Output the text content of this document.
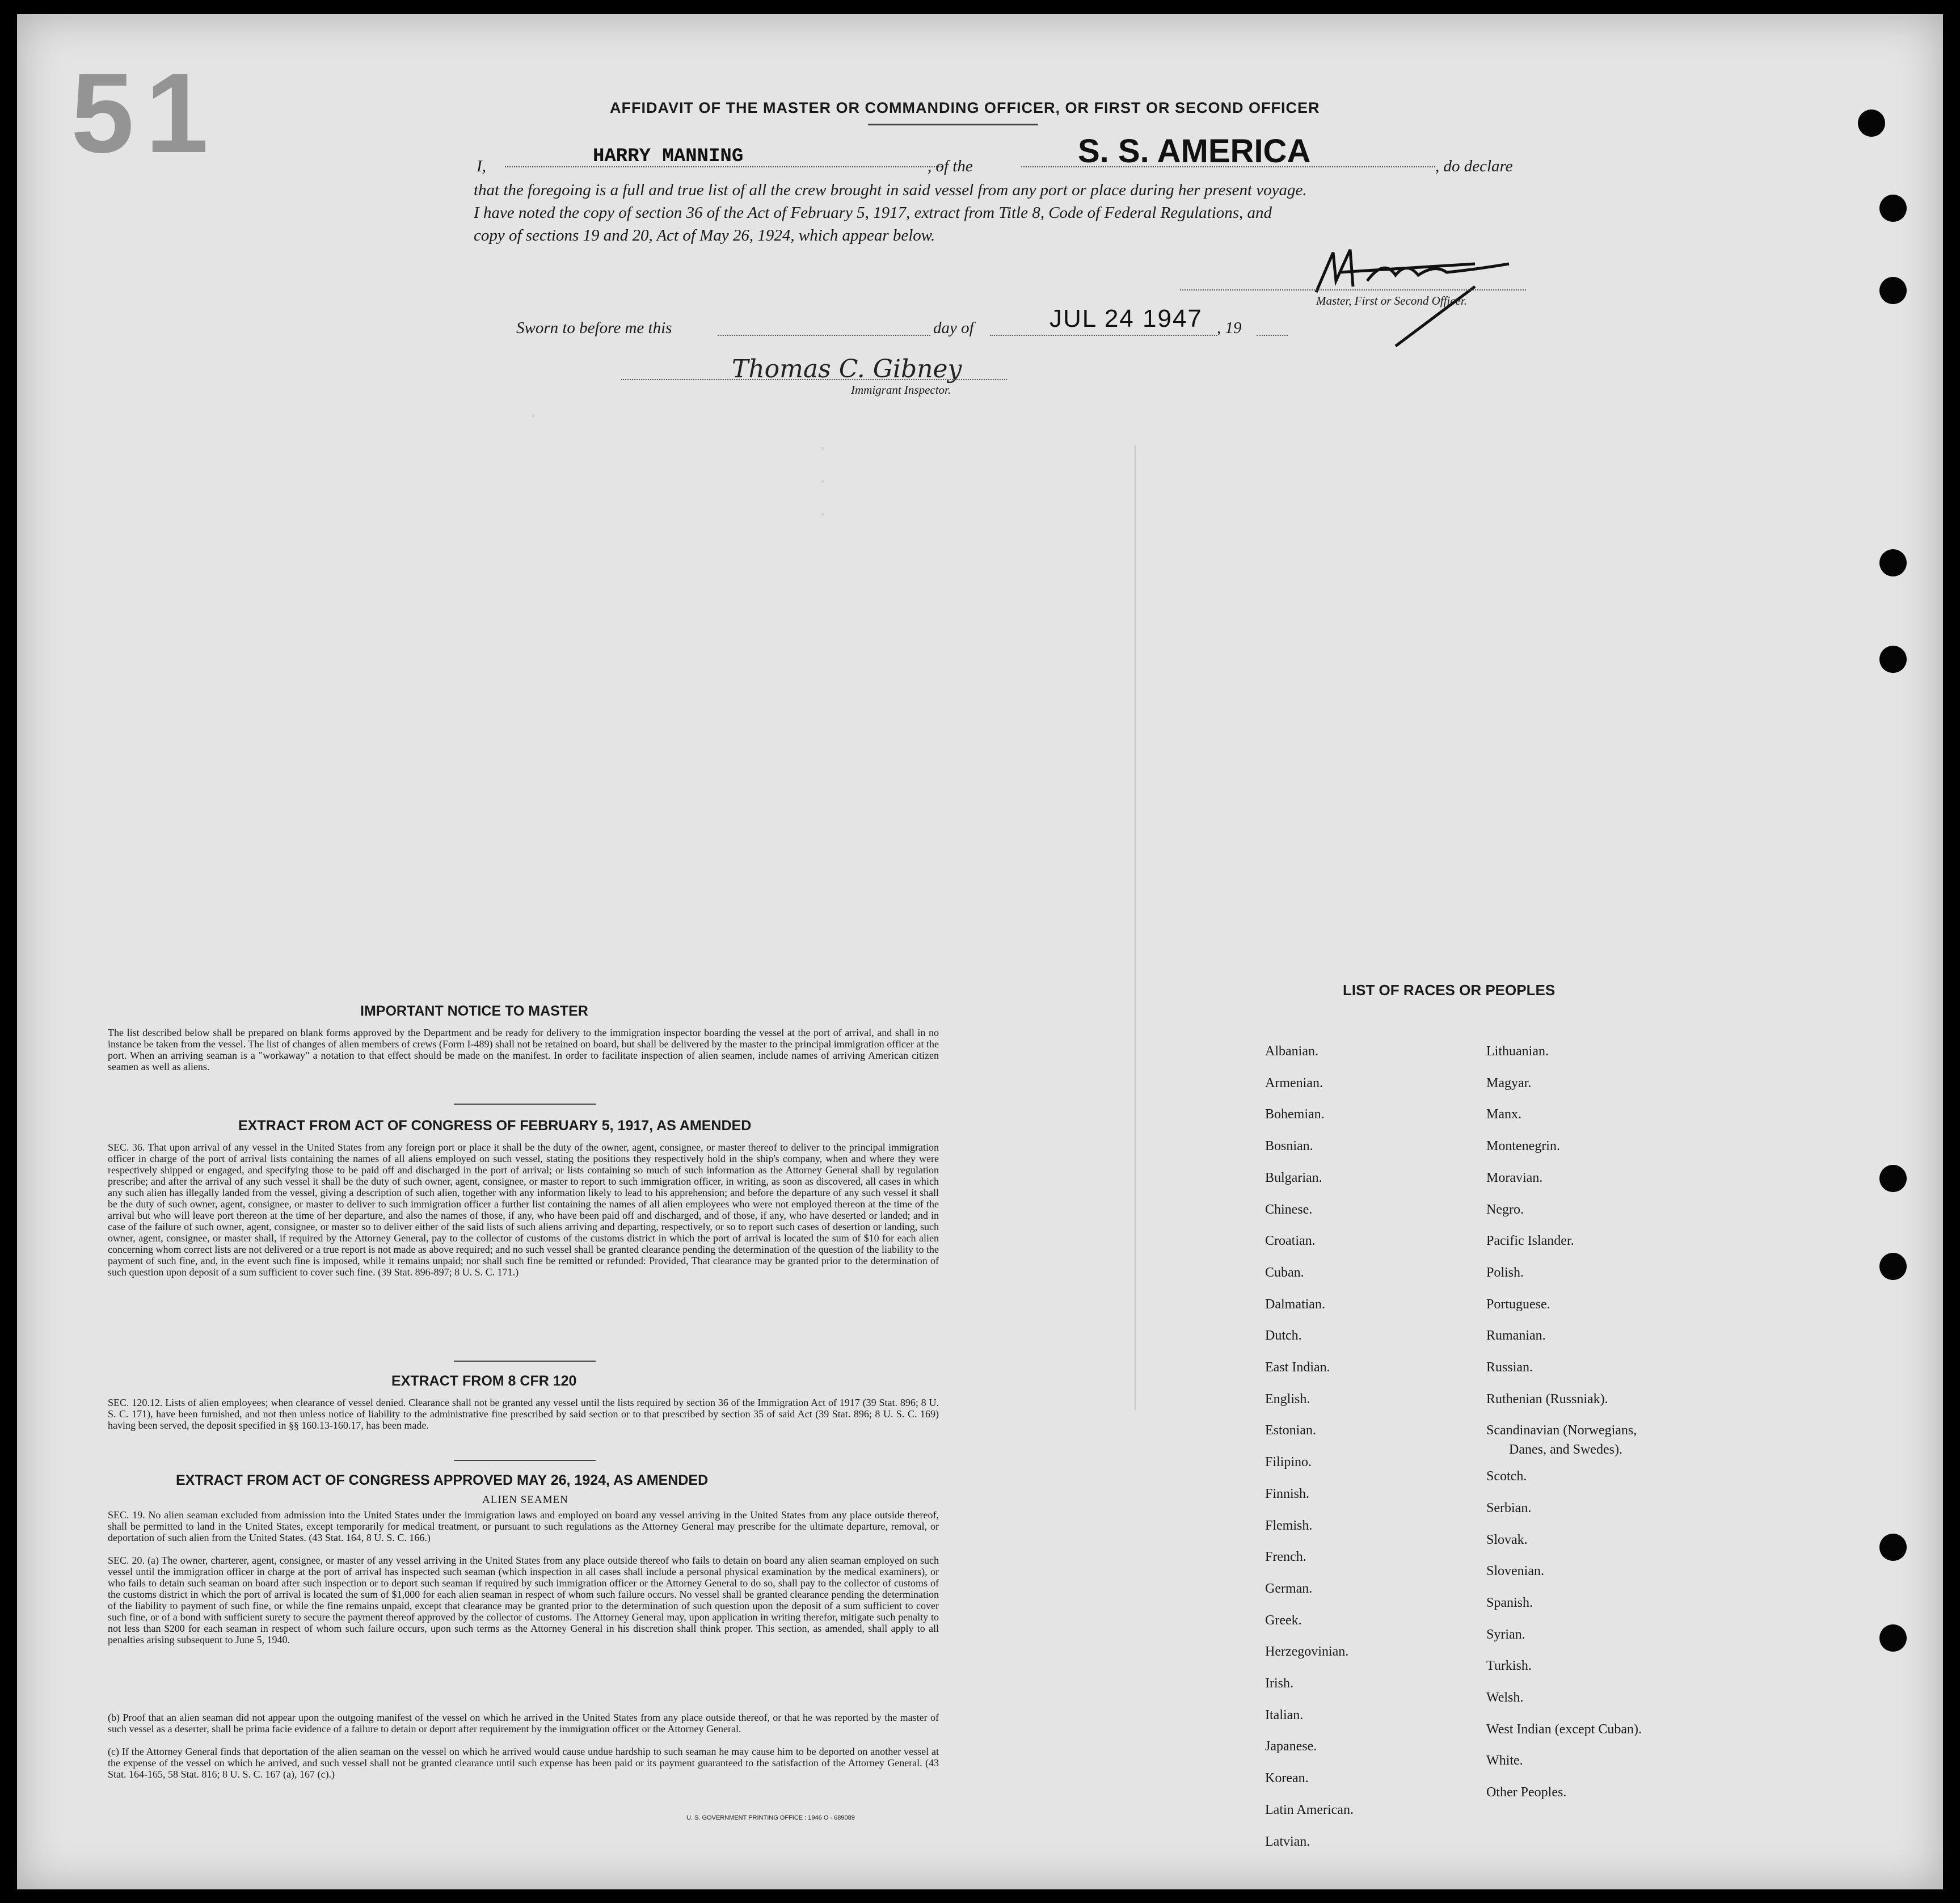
·
·
·
·
51	AFFIDAVIT OF THE MASTER OR COMMANDING OFFICER, OR FIRST OR SECOND OFFICER
I,	HARRY MANNING	, of the	S. S. AMERICA	, do declare
that the foregoing is a full and true list of all the crew brought in said vessel from any port or place during her present voyage.
I have noted the copy of section 36 of the Act of February 5, 1917, extract from Title 8, Code of Federal Regulations, and
copy of sections 19 and 20, Act of May 26, 1924, which appear below.
Master, First or Second Officer.
Sworn to before me this	day of	JUL 24 1947 , 19
Thomas C. Gibney
Immigrant Inspector.
IMPORTANT NOTICE TO MASTER
The list described below shall be prepared on blank forms approved by the Department and be ready for delivery to the immigration inspector boarding the vessel at the port of arrival, and shall in no instance be taken from the vessel. The list of changes of alien members of crews (Form I-489) shall not be retained on board, but shall be delivered by the master to the principal immigration officer at the port. When an arriving seaman is a "workaway" a notation to that effect should be made on the manifest. In order to facilitate inspection of alien seamen, include names of arriving American citizen seamen as well as aliens.
EXTRACT FROM ACT OF CONGRESS OF FEBRUARY 5, 1917, AS AMENDED
SEC. 36. That upon arrival of any vessel in the United States from any foreign port or place it shall be the duty of the owner, agent, consignee, or master thereof to deliver to the principal immigration officer in charge of the port of arrival lists containing the names of all aliens employed on such vessel, stating the positions they respectively hold in the ship's company, when and where they were respectively shipped or engaged, and specifying those to be paid off and discharged in the port of arrival; or lists containing so much of such information as the Attorney General shall by regulation prescribe; and after the arrival of any such vessel it shall be the duty of such owner, agent, consignee, or master to report to such immigration officer, in writing, as soon as discovered, all cases in which any such alien has illegally landed from the vessel, giving a description of such alien, together with any information likely to lead to his apprehension; and before the departure of any such vessel it shall be the duty of such owner, agent, consignee, or master to deliver to such immigration officer a further list containing the names of all alien employees who were not employed thereon at the time of the arrival but who will leave port thereon at the time of her departure, and also the names of those, if any, who have been paid off and discharged, and of those, if any, who have deserted or landed; and in case of the failure of such owner, agent, consignee, or master so to deliver either of the said lists of such aliens arriving and departing, respectively, or so to report such cases of desertion or landing, such owner, agent, consignee, or master shall, if required by the Attorney General, pay to the collector of customs of the customs district in which the port of arrival is located the sum of $10 for each alien concerning whom correct lists are not delivered or a true report is not made as above required; and no such vessel shall be granted clearance pending the determination of the question of the liability to the payment of such fine, and, in the event such fine is imposed, while it remains unpaid; nor shall such fine be remitted or refunded: Provided, That clearance may be granted prior to the determination of such question upon deposit of a sum sufficient to cover such fine. (39 Stat. 896-897; 8 U. S. C. 171.)
EXTRACT FROM 8 CFR 120
SEC. 120.12. Lists of alien employees; when clearance of vessel denied. Clearance shall not be granted any vessel until the lists required by section 36 of the Immigration Act of 1917 (39 Stat. 896; 8 U. S. C. 171), have been furnished, and not then unless notice of liability to the administrative fine prescribed by said section or to that prescribed by section 35 of said Act (39 Stat. 896; 8 U. S. C. 169) having been served, the deposit specified in §§ 160.13-160.17, has been made.
EXTRACT FROM ACT OF CONGRESS APPROVED MAY 26, 1924, AS AMENDED
ALIEN SEAMEN
SEC. 19. No alien seaman excluded from admission into the United States under the immigration laws and employed on board any vessel arriving in the United States from any place outside thereof, shall be permitted to land in the United States, except temporarily for medical treatment, or pursuant to such regulations as the Attorney General may prescribe for the ultimate departure, removal, or deportation of such alien from the United States. (43 Stat. 164, 8 U. S. C. 166.)
SEC. 20. (a) The owner, charterer, agent, consignee, or master of any vessel arriving in the United States from any place outside thereof who fails to detain on board any alien seaman employed on such vessel until the immigration officer in charge at the port of arrival has inspected such seaman (which inspection in all cases shall include a personal physical examination by the medical examiners), or who fails to detain such seaman on board after such inspection or to deport such seaman if required by such immigration officer or the Attorney General to do so, shall pay to the collector of customs of the customs district in which the port of arrival is located the sum of $1,000 for each alien seaman in respect of whom such failure occurs. No vessel shall be granted clearance pending the determination of the liability to payment of such fine, or while the fine remains unpaid, except that clearance may be granted prior to the determination of such question upon the deposit of a sum sufficient to cover such fine, or of a bond with sufficient surety to secure the payment thereof approved by the collector of customs. The Attorney General may, upon application in writing therefor, mitigate such penalty to not less than $200 for each seaman in respect of whom such failure occurs, upon such terms as the Attorney General in his discretion shall think proper. This section, as amended, shall apply to all penalties arising subsequent to June 5, 1940.
(b) Proof that an alien seaman did not appear upon the outgoing manifest of the vessel on which he arrived in the United States from any place outside thereof, or that he was reported by the master of such vessel as a deserter, shall be prima facie evidence of a failure to detain or deport after requirement by the immigration officer or the Attorney General.
(c) If the Attorney General finds that deportation of the alien seaman on the vessel on which he arrived would cause undue hardship to such seaman he may cause him to be deported on another vessel at the expense of the vessel on which he arrived, and such vessel shall not be granted clearance until such expense has been paid or its payment guaranteed to the satisfaction of the Attorney General. (43 Stat. 164-165, 58 Stat. 816; 8 U. S. C. 167 (a), 167 (c).)
U. S. GOVERNMENT PRINTING OFFICE : 1946 O - 689089
LIST OF RACES OR PEOPLES
Albanian.
Armenian.
Bohemian.
Bosnian.
Bulgarian.
Chinese.
Croatian.
Cuban.
Dalmatian.
Dutch.
East Indian.
English.
Estonian.
Filipino.
Finnish.
Flemish.
French.
German.
Greek.
Herzegovinian.
Irish.
Italian.
Japanese.
Korean.
Latin American.
Latvian.
Lithuanian.
Magyar.
Manx.
Montenegrin.
Moravian.
Negro.
Pacific Islander.
Polish.
Portuguese.
Rumanian.
Russian.
Ruthenian (Russniak).
Scandinavian (Norwegians,
Danes, and Swedes).
Scotch.
Serbian.
Slovak.
Slovenian.
Spanish.
Syrian.
Turkish.
Welsh.
West Indian (except Cuban).
White.
Other Peoples.
